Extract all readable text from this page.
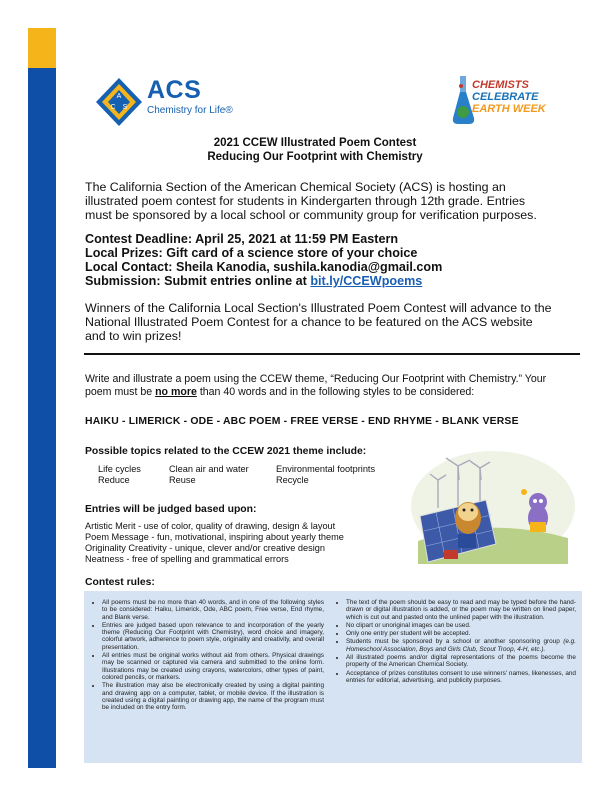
A
C S
ACS
Chemistry for Life®
CHEMISTS
CELEBRATE
EARTH WEEK
2021 CCEW Illustrated Poem Contest
Reducing Our Footprint with Chemistry
The California Section of the American Chemical Society (ACS) is hosting an illustrated poem contest for students in Kindergarten through 12th grade. Entries must be sponsored by a local school or community group for verification purposes.
Contest Deadline: April 25, 2021 at 11:59 PM Eastern
Local Prizes: Gift card of a science store of your choice
Local Contact: Sheila Kanodia, sushila.kanodia@gmail.com
Submission: Submit entries online at bit.ly/CCEWpoems
Winners of the California Local Section's Illustrated Poem Contest will advance to the National Illustrated Poem Contest for a chance to be featured on the ACS website and to win prizes!
Write and illustrate a poem using the CCEW theme, “Reducing Our Footprint with Chemistry.” Your poem must be no more than 40 words and in the following styles to be considered:
HAIKU - LIMERICK - ODE - ABC POEM - FREE VERSE - END RHYME - BLANK VERSE
Possible topics related to the CCEW 2021 theme include:
Life cycles
Reduce
Clean air and water
Reuse
Environmental footprints
Recycle
Entries will be judged based upon:
Artistic Merit - use of color, quality of drawing, design & layout
Poem Message - fun, motivational, inspiring about yearly theme
Originality Creativity - unique, clever and/or creative design
Neatness - free of spelling and grammatical errors
Contest rules:
• All poems must be no more than 40 words, and in one of the following styles to be considered: Haiku, Limerick, Ode, ABC poem, Free verse, End rhyme, and Blank verse.
• Entries are judged based upon relevance to and incorporation of the yearly theme (Reducing Our Footprint with Chemistry), word choice and imagery, colorful artwork, adherence to poem style, originality and creativity, and overall presentation.
• All entries must be original works without aid from others. Physical drawings may be scanned or captured via camera and submitted to the online form. Illustrations may be created using crayons, watercolors, other types of paint, colored pencils, or markers.
• The illustration may also be electronically created by using a digital painting and drawing app on a computer, tablet, or mobile device. If the illustration is created using a digital painting or drawing app, the name of the program must be included on the entry form.
• The text of the poem should be easy to read and may be typed before the hand-drawn or digital illustration is added, or the poem may be written on lined paper, which is cut out and pasted onto the unlined paper with the illustration.
• No clipart or unoriginal images can be used.
• Only one entry per student will be accepted.
• Students must be sponsored by a school or another sponsoring group (e.g. Homeschool Association, Boys and Girls Club, Scout Troop, 4-H, etc.).
• All illustrated poems and/or digital representations of the poems become the property of the American Chemical Society.
• Acceptance of prizes constitutes consent to use winners' names, likenesses, and entries for editorial, advertising, and publicity purposes.
